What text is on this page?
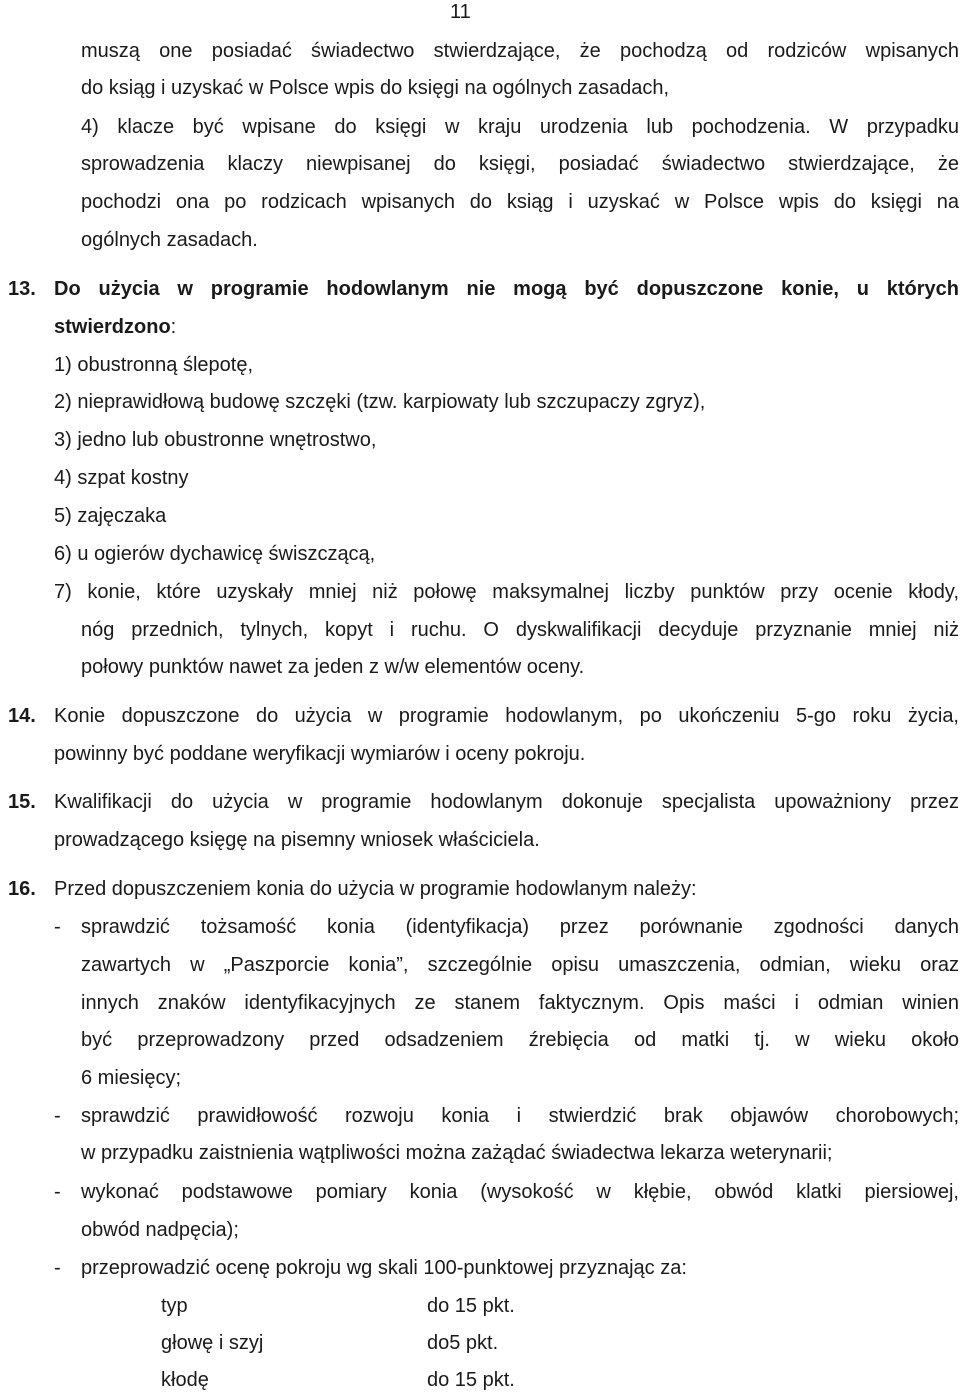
11
muszą one posiadać świadectwo stwierdzające, że pochodzą od rodziców wpisanych
do ksiąg i uzyskać w Polsce wpis do księgi na ogólnych zasadach,
4) klacze być wpisane do księgi w kraju urodzenia lub pochodzenia. W przypadku
sprowadzenia klaczy niewpisanej do księgi, posiadać świadectwo stwierdzające, że
pochodzi ona po rodzicach wpisanych do ksiąg i uzyskać w Polsce wpis do księgi na
ogólnych zasadach.
13. Do użycia w programie hodowlanym nie mogą być dopuszczone konie, u których
stwierdzono:
1) obustronną ślepotę,
2) nieprawidłową budowę szczęki (tzw. karpiowaty lub szczupaczy zgryz),
3) jedno lub obustronne wnętrostwo,
4) szpat kostny
5) zajęczaka
6) u ogierów dychawicę świszczącą,
7) konie, które uzyskały mniej niż połowę maksymalnej liczby punktów przy ocenie kłody,
nóg przednich, tylnych, kopyt i ruchu. O dyskwalifikacji decyduje przyznanie mniej niż
połowy punktów nawet za jeden z w/w elementów oceny.
14. Konie dopuszczone do użycia w programie hodowlanym, po ukończeniu 5-go roku życia,
powinny być poddane weryfikacji wymiarów i oceny pokroju.
15. Kwalifikacji do użycia w programie hodowlanym dokonuje specjalista upoważniony przez
prowadzącego księgę na pisemny wniosek właściciela.
16. Przed dopuszczeniem konia do użycia w programie hodowlanym należy:
- sprawdzić tożsamość konia (identyfikacja) przez porównanie zgodności danych
zawartych w „Paszporcie konia”, szczególnie opisu umaszczenia, odmian, wieku oraz
innych znaków identyfikacyjnych ze stanem faktycznym. Opis maści i odmian winien
być przeprowadzony przed odsadzeniem źrebięcia od matki tj. w wieku około
6 miesięcy;
- sprawdzić prawidłowość rozwoju konia i stwierdzić brak objawów chorobowych;
w przypadku zaistnienia wątpliwości można zażądać świadectwa lekarza weterynarii;
- wykonać podstawowe pomiary konia (wysokość w kłębie, obwód klatki piersiowej,
obwód nadpęcia);
- przeprowadzić ocenę pokroju wg skali 100-punktowej przyznając za:
typ	do 15 pkt.
głowę i szyj	do5 pkt.
kłodę	do 15 pkt.
